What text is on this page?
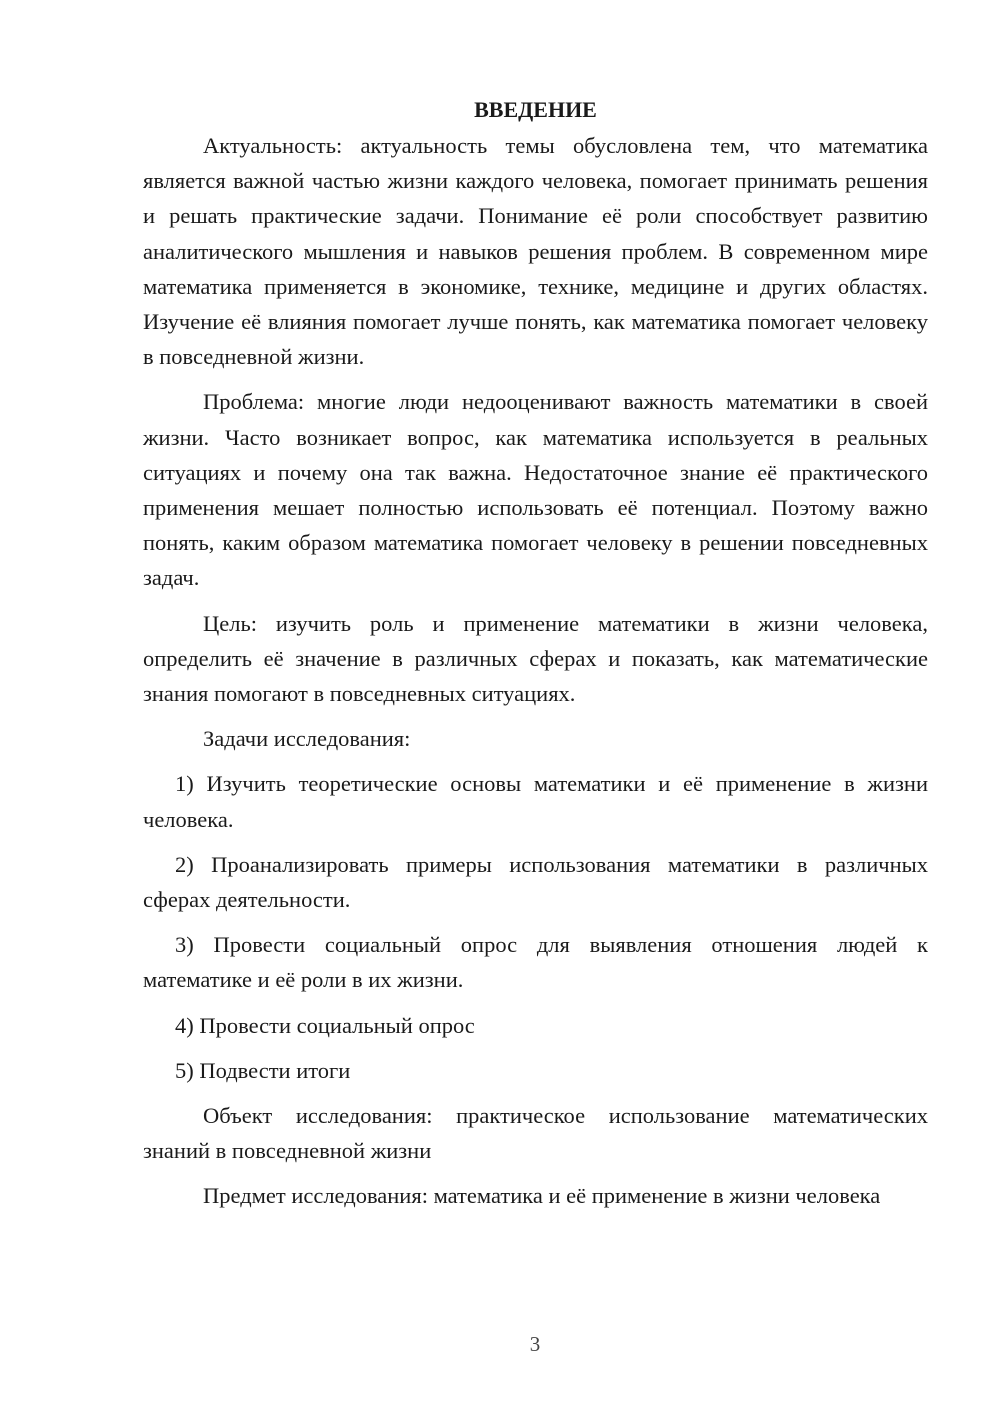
ВВЕДЕНИЕ

Актуальность: актуальность темы обусловлена тем, что математика является важной частью жизни каждого человека, помогает принимать решения и решать практические задачи. Понимание её роли способствует развитию аналитического мышления и навыков решения проблем. В современном мире математика применяется в экономике, технике, медицине и других областях. Изучение её влияния помогает лучше понять, как математика помогает человеку в повседневной жизни.

Проблема: многие люди недооценивают важность математики в своей жизни. Часто возникает вопрос, как математика используется в реальных ситуациях и почему она так важна. Недостаточное знание её практического применения мешает полностью использовать её потенциал. Поэтому важно понять, каким образом математика помогает человеку в решении повседневных задач.

Цель: изучить роль и применение математики в жизни человека, определить её значение в различных сферах и показать, как математические знания помогают в повседневных ситуациях.

Задачи исследования:

1) Изучить теоретические основы математики и её применение в жизни человека.

2) Проанализировать примеры использования математики в различных сферах деятельности.

3) Провести социальный опрос для выявления отношения людей к математике и её роли в их жизни.

4) Провести социальный опрос

5) Подвести итоги

Объект исследования: практическое использование математических знаний в повседневной жизни

Предмет исследования: математика и её применение в жизни человека

3
